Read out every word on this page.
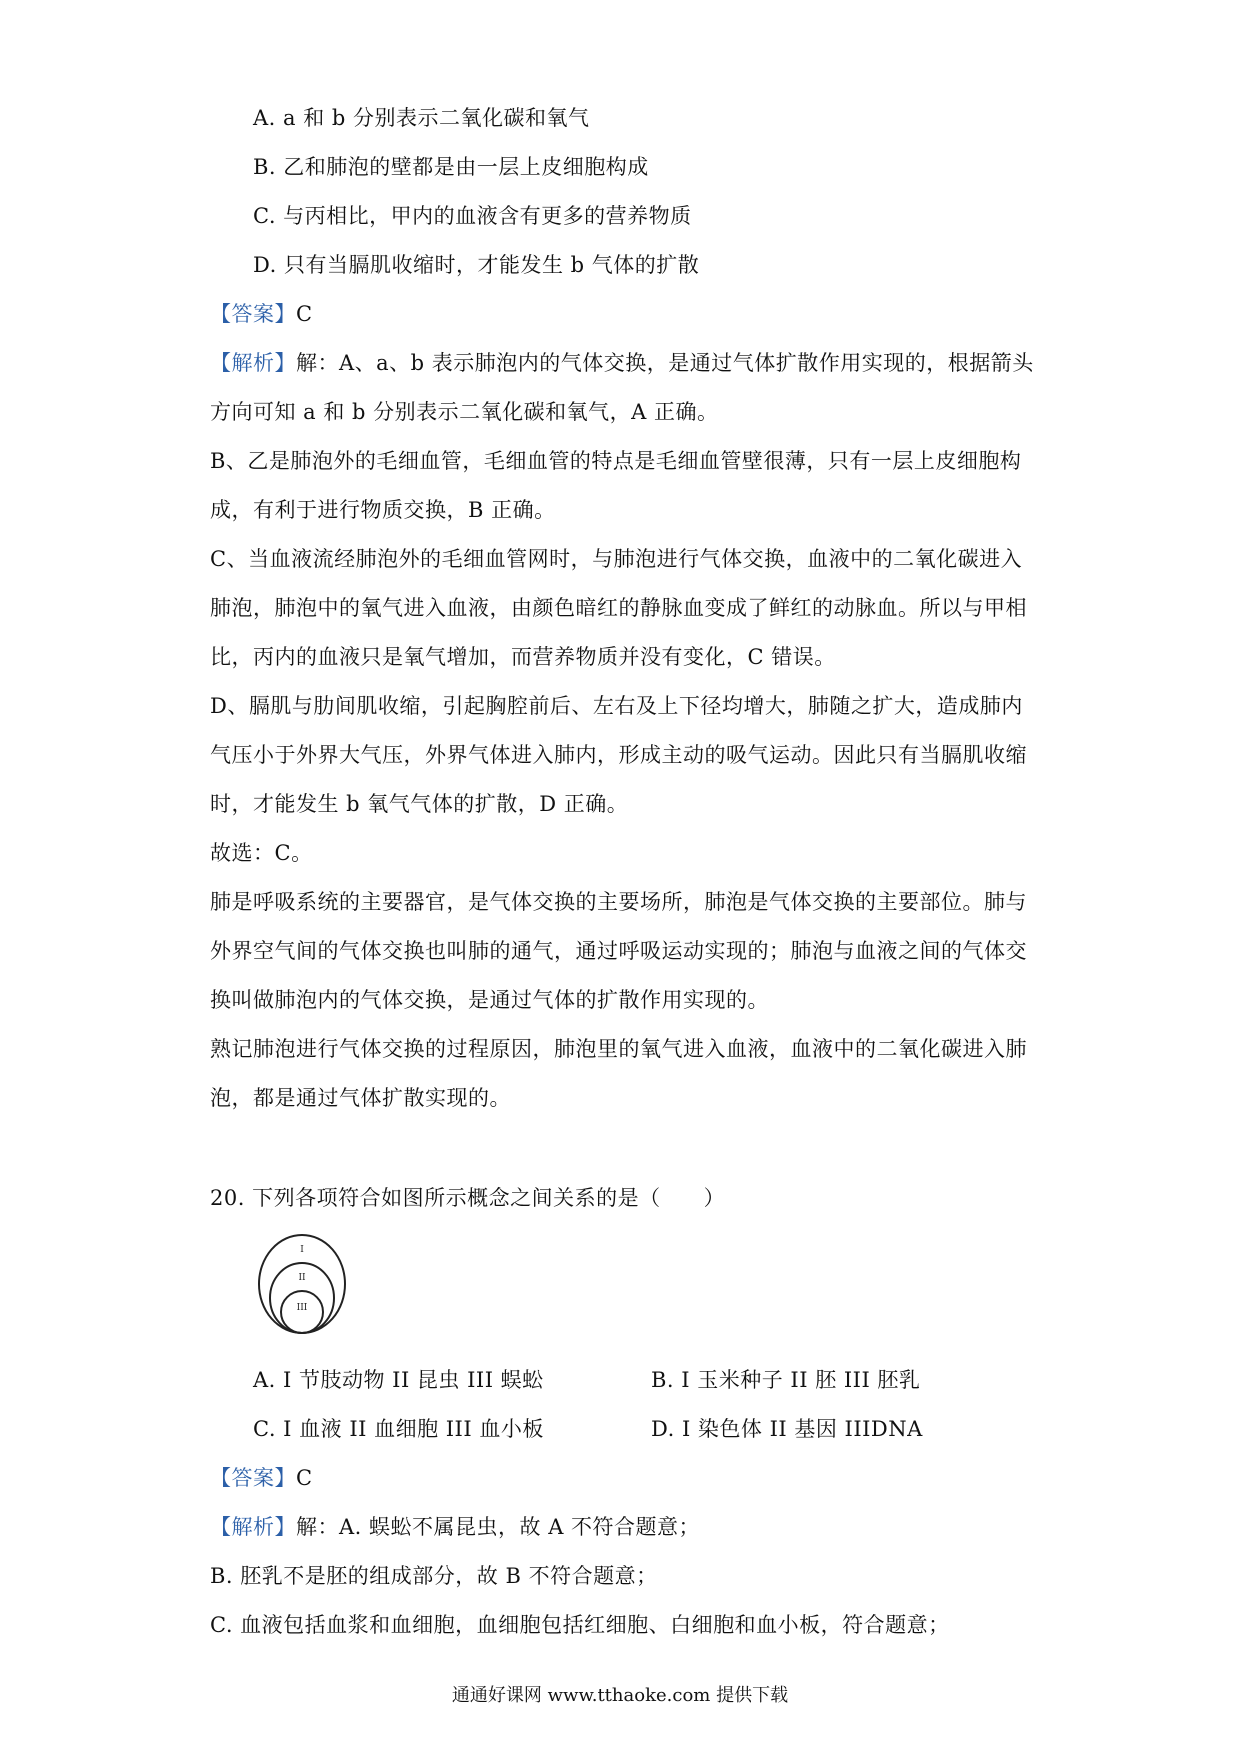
A. a 和 b 分别表示二氧化碳和氧气
B. 乙和肺泡的壁都是由一层上皮细胞构成
C. 与丙相比，甲内的血液含有更多的营养物质
D. 只有当膈肌收缩时，才能发生 b 气体的扩散
【答案】C
【解析】解：A、a、b 表示肺泡内的气体交换，是通过气体扩散作用实现的，根据箭头
方向可知 a 和 b 分别表示二氧化碳和氧气，A 正确。
B、乙是肺泡外的毛细血管，毛细血管的特点是毛细血管壁很薄，只有一层上皮细胞构
成，有利于进行物质交换，B 正确。
C、当血液流经肺泡外的毛细血管网时，与肺泡进行气体交换，血液中的二氧化碳进入
肺泡，肺泡中的氧气进入血液，由颜色暗红的静脉血变成了鲜红的动脉血。所以与甲相
比，丙内的血液只是氧气增加，而营养物质并没有变化，C 错误。
D、膈肌与肋间肌收缩，引起胸腔前后、左右及上下径均增大，肺随之扩大，造成肺内
气压小于外界大气压，外界气体进入肺内，形成主动的吸气运动。因此只有当膈肌收缩
时，才能发生 b 氧气气体的扩散，D 正确。
故选：C。
肺是呼吸系统的主要器官，是气体交换的主要场所，肺泡是气体交换的主要部位。肺与
外界空气间的气体交换也叫肺的通气，通过呼吸运动实现的；肺泡与血液之间的气体交
换叫做肺泡内的气体交换，是通过气体的扩散作用实现的。
熟记肺泡进行气体交换的过程原因，肺泡里的氧气进入血液，血液中的二氧化碳进入肺
泡，都是通过气体扩散实现的。
20. 下列各项符合如图所示概念之间关系的是（　　）
I
II
III
A. I 节肢动物 II 昆虫 III 蜈蚣	B. I 玉米种子 II 胚 III 胚乳
C. I 血液 II 血细胞 III 血小板	D. I 染色体 II 基因 IIIDNA
【答案】C
【解析】解：A. 蜈蚣不属昆虫，故 A 不符合题意；
B. 胚乳不是胚的组成部分，故 B 不符合题意；
C. 血液包括血浆和血细胞，血细胞包括红细胞、白细胞和血小板，符合题意；
通通好课网 www.tthaoke.com 提供下载
